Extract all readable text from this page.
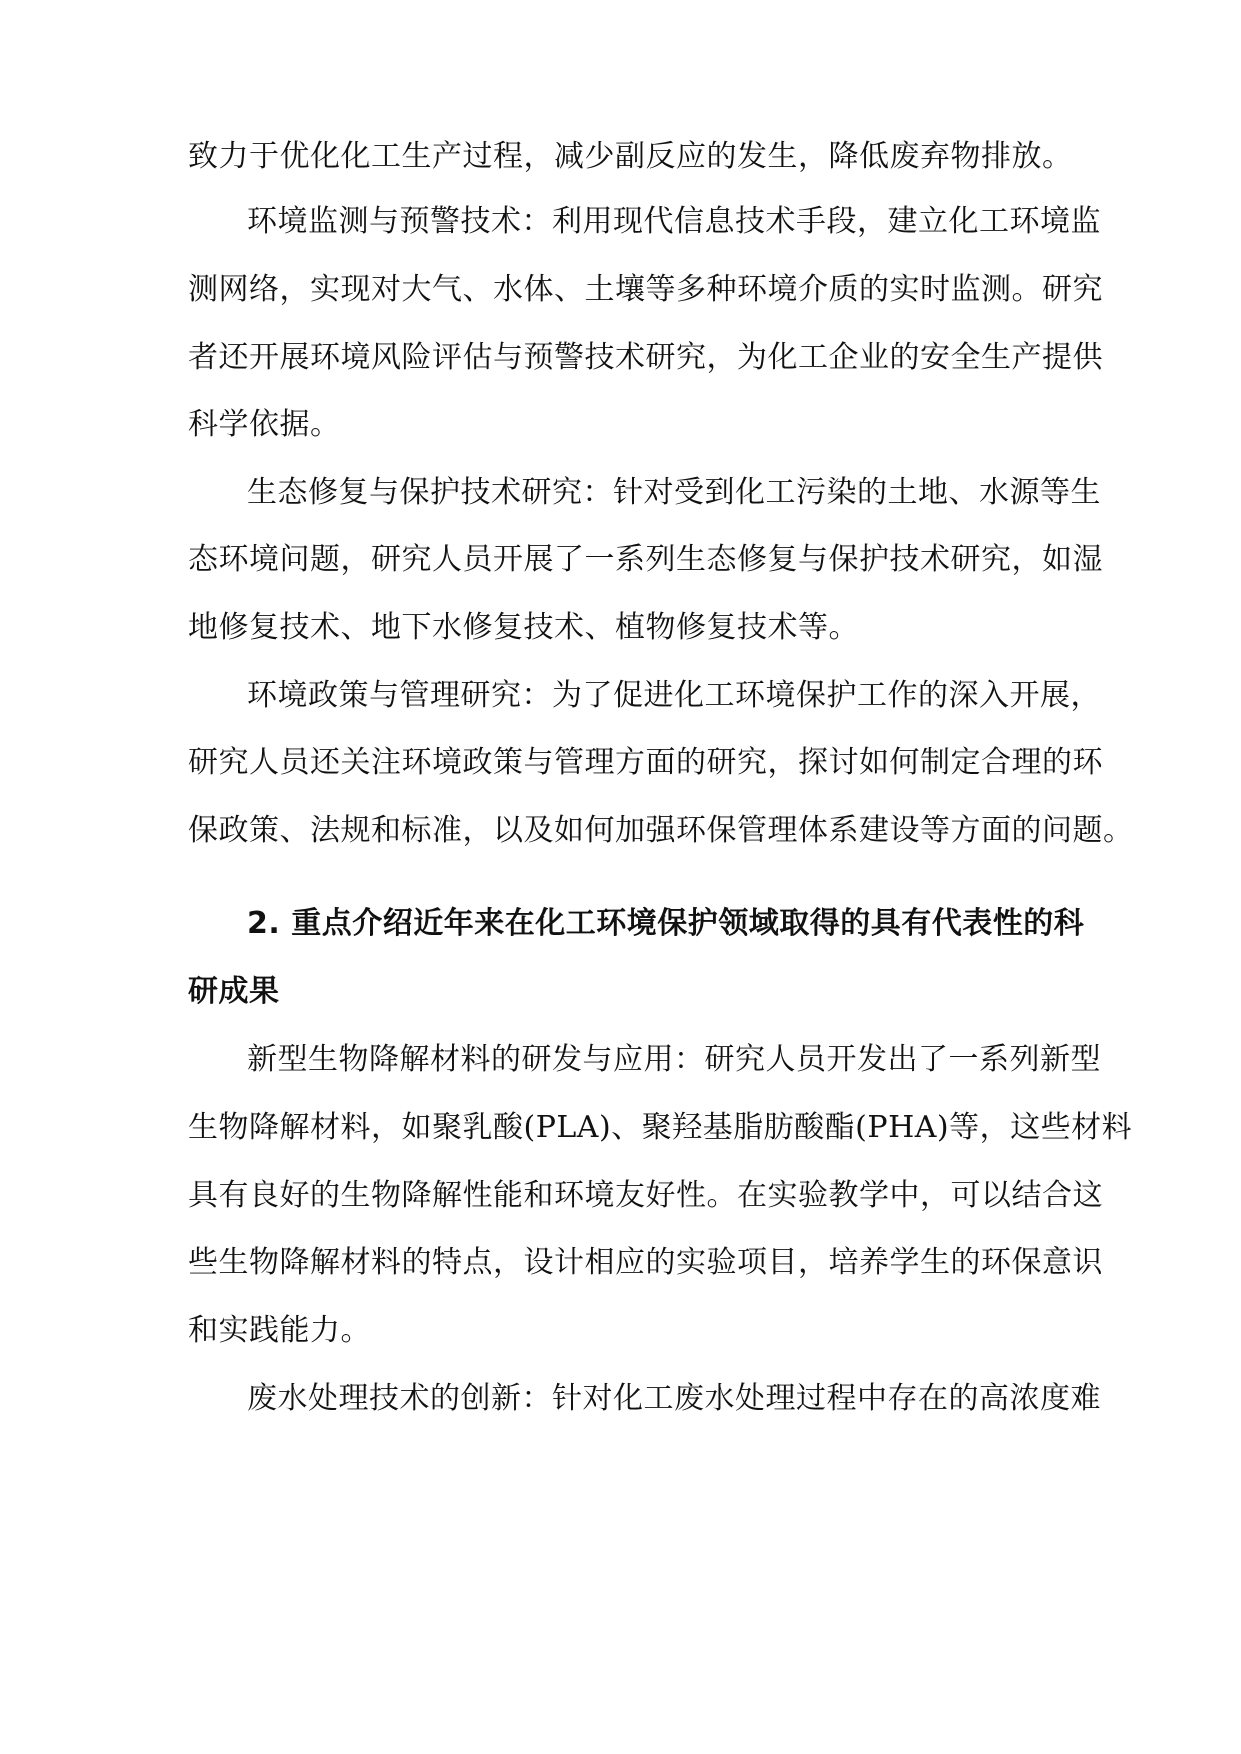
致力于优化化工生产过程，减少副反应的发生，降低废弃物排放。
环境监测与预警技术：利用现代信息技术手段，建立化工环境监
测网络，实现对大气、水体、土壤等多种环境介质的实时监测。研究
者还开展环境风险评估与预警技术研究，为化工企业的安全生产提供
科学依据。
生态修复与保护技术研究：针对受到化工污染的土地、水源等生
态环境问题，研究人员开展了一系列生态修复与保护技术研究，如湿
地修复技术、地下水修复技术、植物修复技术等。
环境政策与管理研究：为了促进化工环境保护工作的深入开展，
研究人员还关注环境政策与管理方面的研究，探讨如何制定合理的环
保政策、法规和标准，以及如何加强环保管理体系建设等方面的问题。
2. 重点介绍近年来在化工环境保护领域取得的具有代表性的科
研成果
新型生物降解材料的研发与应用：研究人员开发出了一系列新型
生物降解材料，如聚乳酸(PLA)、聚羟基脂肪酸酯(PHA)等，这些材料
具有良好的生物降解性能和环境友好性。在实验教学中，可以结合这
些生物降解材料的特点，设计相应的实验项目，培养学生的环保意识
和实践能力。
废水处理技术的创新：针对化工废水处理过程中存在的高浓度难
